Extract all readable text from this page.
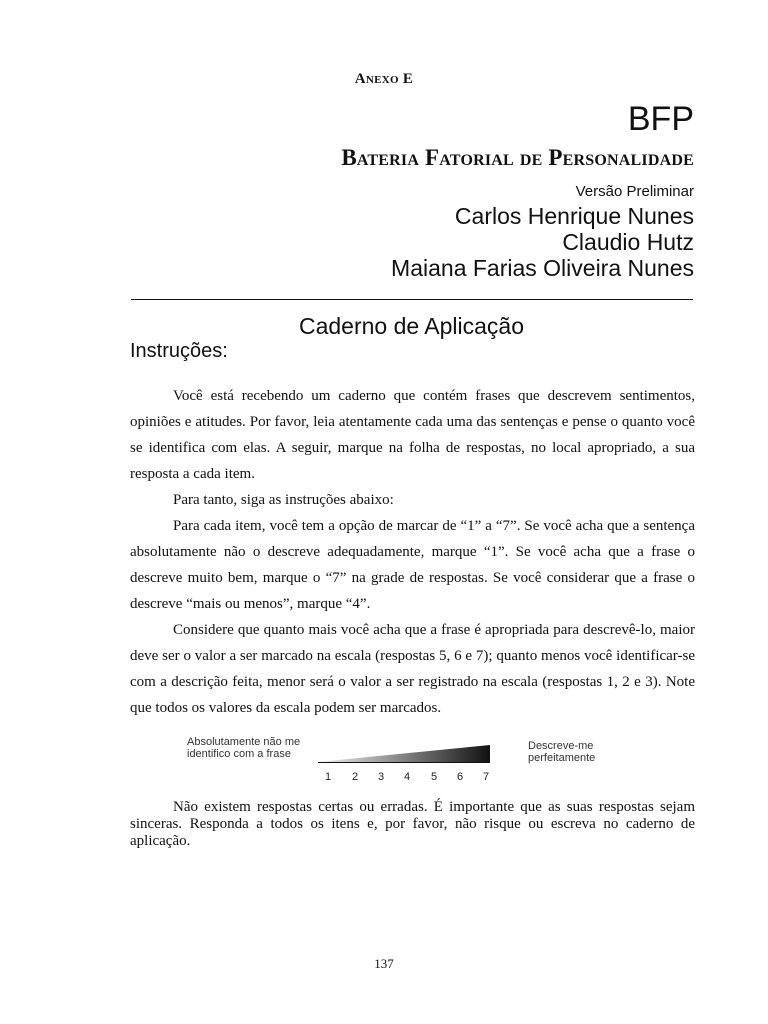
Anexo E
BFP
Bateria Fatorial de Personalidade
Versão Preliminar
Carlos Henrique Nunes
Claudio Hutz
Maiana Farias Oliveira Nunes
Caderno de Aplicação
Instruções:

Você está recebendo um caderno que contém frases que descrevem sentimentos, opiniões e atitudes. Por favor, leia atentamente cada uma das sentenças e pense o quanto você se identifica com elas. A seguir, marque na folha de respostas, no local apropriado, a sua resposta a cada item.

Para tanto, siga as instruções abaixo:

Para cada item, você tem a opção de marcar de “1” a “7”. Se você acha que a sentença absolutamente não o descreve adequadamente, marque “1”. Se você acha que a frase o descreve muito bem, marque o “7” na grade de respostas. Se você considerar que a frase o descreve “mais ou menos”, marque “4”.

Considere que quanto mais você acha que a frase é apropriada para descrevê-lo, maior deve ser o valor a ser marcado na escala (respostas 5, 6 e 7); quanto menos você identificar-se com a descrição feita, menor será o valor a ser registrado na escala (respostas 1, 2 e 3). Note que todos os valores da escala podem ser marcados.

Absolutamente não me identifico com a frase
1 2 3 4 5 6 7
Descreve-me perfeitamente

Não existem respostas certas ou erradas. É importante que as suas respostas sejam sinceras. Responda a todos os itens e, por favor, não risque ou escreva no caderno de aplicação.

137
